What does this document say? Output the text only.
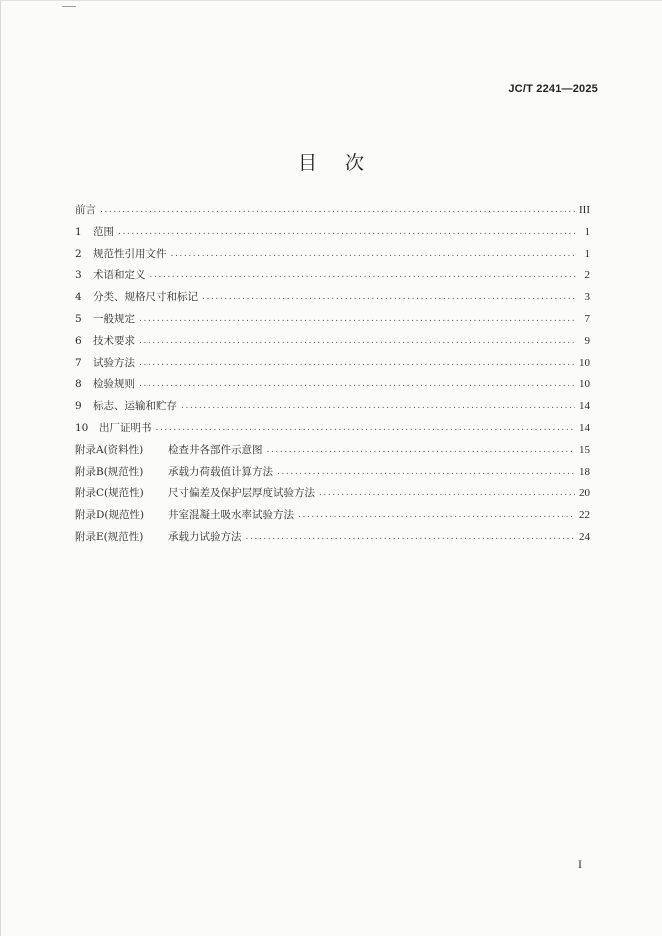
JC/T 2241—2025
目次
前言 .....	III
1	范围 .....	1
2	规范性引用文件 .....	1
3	术语和定义 .....	2
4	分类、规格尺寸和标记 .....	3
5	一般规定 .....	7
6	技术要求 .....	9
7	试验方法 .....	10
8	检验规则 .....	10
9	标志、运输和贮存 .....	14
10	出厂证明书 .....	14
附录A(资料性)	检查井各部件示意图 .....	15
附录B(规范性)	承载力荷载值计算方法 .....	18
附录C(规范性)	尺寸偏差及保护层厚度试验方法 .....	20
附录D(规范性)	井室混凝土吸水率试验方法 .....	22
附录E(规范性)	承载力试验方法 .....	24
I
